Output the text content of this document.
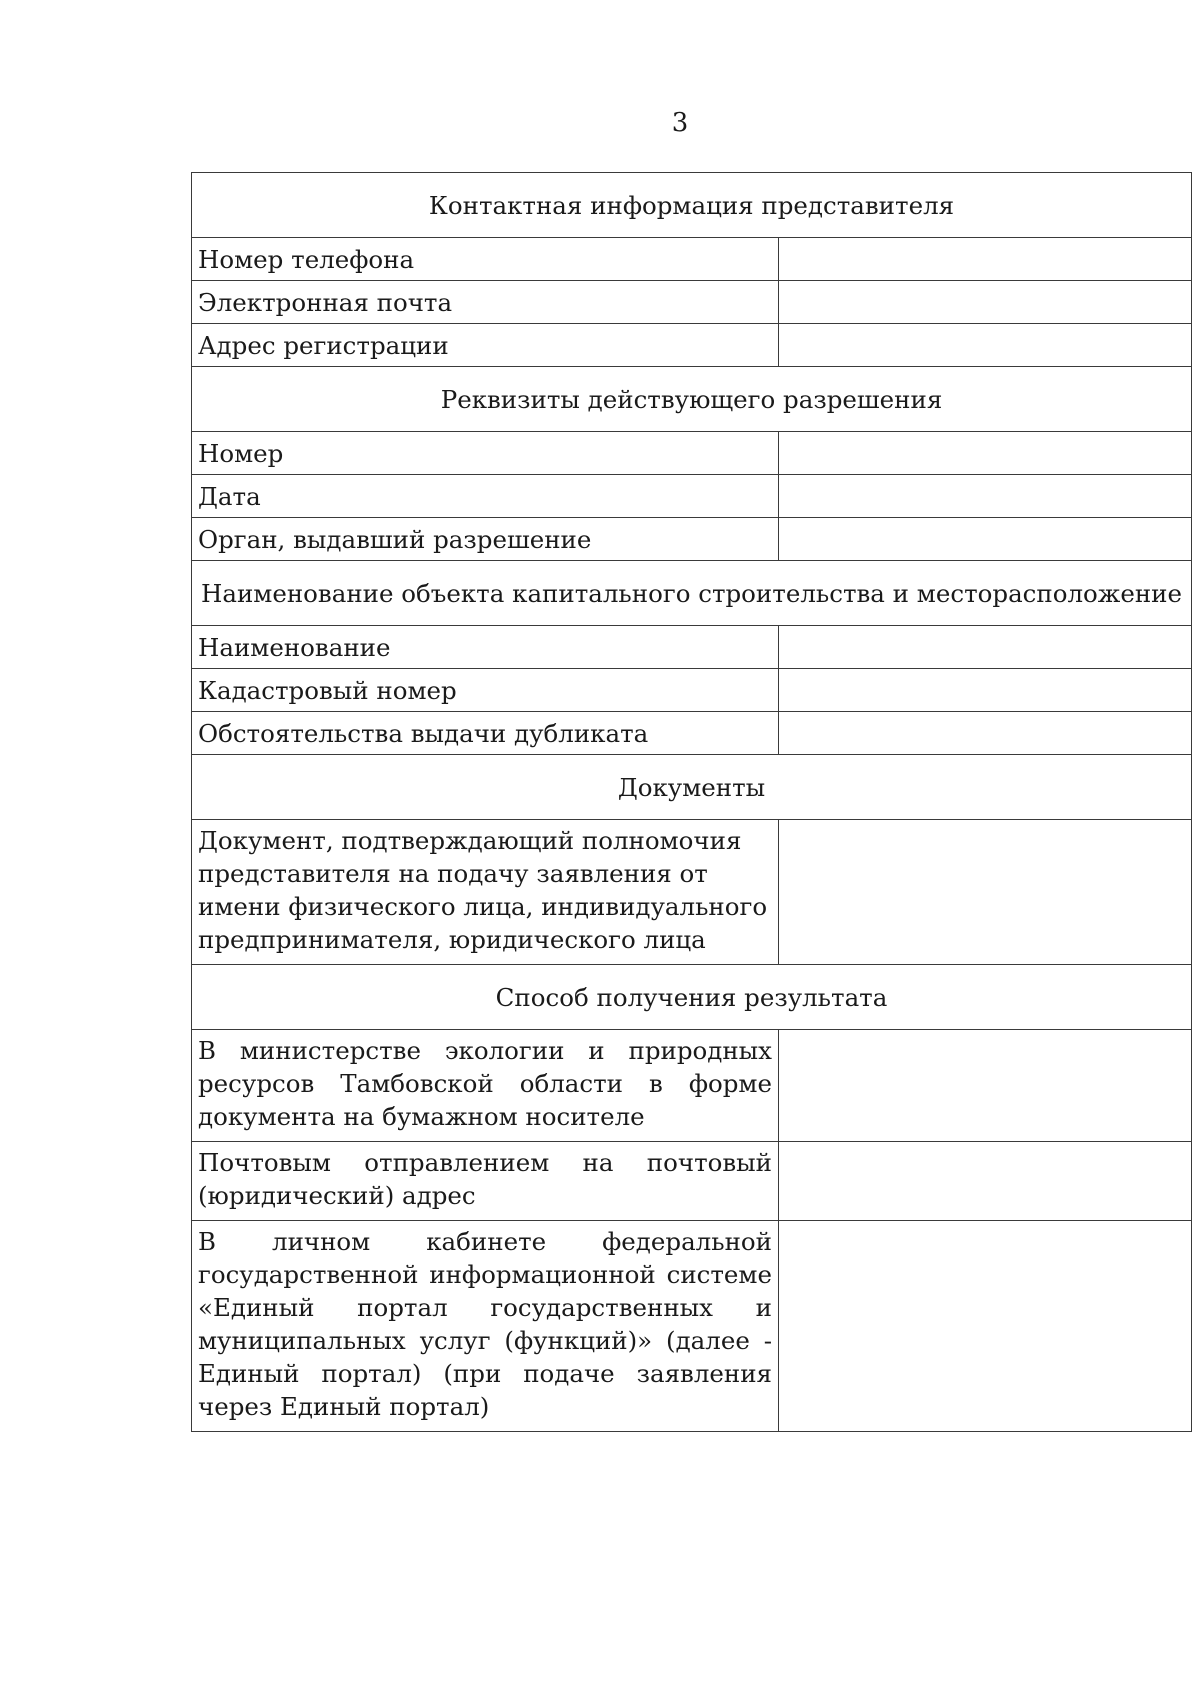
3
Контактная информация представителя	
Номер телефона	
Электронная почта	
Адрес регистрации	
Реквизиты действующего разрешения	
Номер	
Дата	
Орган, выдавший разрешение	
Наименование объекта капитального строительства и месторасположение	
Наименование	
Кадастровый номер	
Обстоятельства выдачи дубликата	
Документы	
Документ, подтверждающий полномочия представителя на подачу заявления от имени физического лица, индивидуального предпринимателя, юридического лица	
Способ получения результата	
В министерстве экологии и природных ресурсов Тамбовской области в форме документа на бумажном носителе	
Почтовым отправлением на почтовый (юридический) адрес	
В личном кабинете федеральной государственной информационной системе «Единый портал государственных и муниципальных услуг (функций)» (далее - Единый портал) (при подаче заявления через Единый портал)	
